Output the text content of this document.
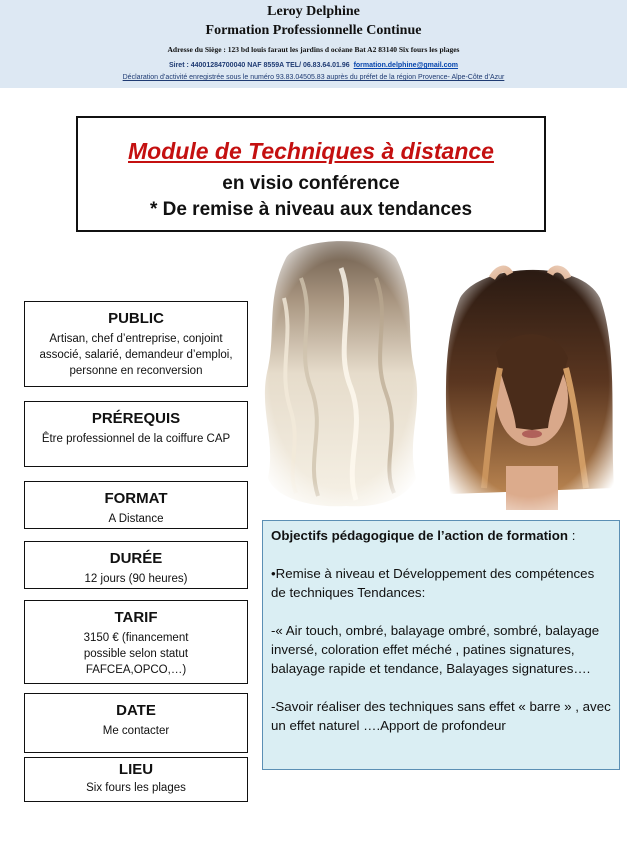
Leroy Delphine
Formation Professionnelle Continue
Adresse du Siège : 123 bd louis faraut les jardins d océane Bat A2 83140 Six fours les plages
Siret : 44001284700040 NAF 8559A TEL/ 06.83.64.01.96 formation.delphine@gmail.com
Déclaration d’activité enregistrée sous le numéro 93.83.04505.83 auprès du préfet de la région Provence- Alpe-Côte d’Azur
Module de Techniques à distance
en visio conférence
* De remise à niveau aux tendances
PUBLIC
Artisan, chef d’entreprise, conjoint associé, salarié, demandeur d’emploi, personne en reconversion
PRÉREQUIS
Être professionnel de la coiffure CAP
FORMAT
A Distance
DURÉE
12 jours (90 heures)
TARIF
3150 € (financement possible selon statut FAFCEA,OPCO,…)
DATE
Me contacter
LIEU
Six fours les plages

Objectifs pédagogique de l’action de formation :

•Remise à niveau et Développement des compétences de techniques Tendances:

-« Air touch, ombré, balayage ombré, sombré, balayage inversé, coloration effet méché , patines signatures, balayage rapide et tendance, Balayages signatures….

-Savoir réaliser des techniques sans effet « barre » , avec un effet naturel ….Apport de profondeur
